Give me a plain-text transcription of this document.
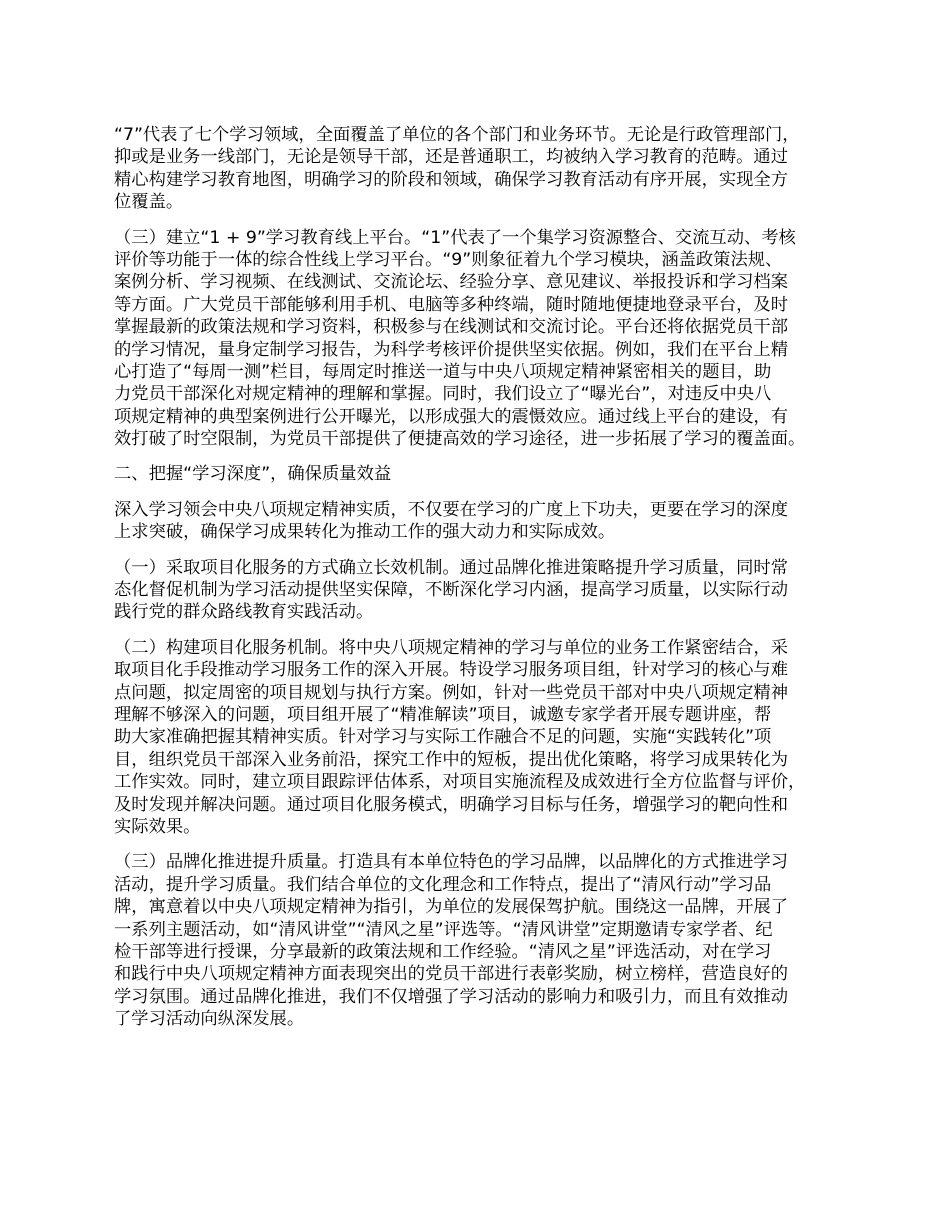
“7”代表了七个学习领域，全面覆盖了单位的各个部门和业务环节。无论是行政管理部门，
抑或是业务一线部门，无论是领导干部，还是普通职工，均被纳入学习教育的范畴。通过
精心构建学习教育地图，明确学习的阶段和领域，确保学习教育活动有序开展，实现全方
位覆盖。
（三）建立“1 + 9”学习教育线上平台。“1”代表了一个集学习资源整合、交流互动、考核
评价等功能于一体的综合性线上学习平台。“9”则象征着九个学习模块，涵盖政策法规、
案例分析、学习视频、在线测试、交流论坛、经验分享、意见建议、举报投诉和学习档案
等方面。广大党员干部能够利用手机、电脑等多种终端，随时随地便捷地登录平台，及时
掌握最新的政策法规和学习资料，积极参与在线测试和交流讨论。平台还将依据党员干部
的学习情况，量身定制学习报告，为科学考核评价提供坚实依据。例如，我们在平台上精
心打造了“每周一测”栏目，每周定时推送一道与中央八项规定精神紧密相关的题目，助
力党员干部深化对规定精神的理解和掌握。同时，我们设立了“曝光台”，对违反中央八
项规定精神的典型案例进行公开曝光，以形成强大的震慑效应。通过线上平台的建设，有
效打破了时空限制，为党员干部提供了便捷高效的学习途径，进一步拓展了学习的覆盖面。
二、把握“学习深度”，确保质量效益
深入学习领会中央八项规定精神实质，不仅要在学习的广度上下功夫，更要在学习的深度
上求突破，确保学习成果转化为推动工作的强大动力和实际成效。
（一）采取项目化服务的方式确立长效机制。通过品牌化推进策略提升学习质量，同时常
态化督促机制为学习活动提供坚实保障，不断深化学习内涵，提高学习质量，以实际行动
践行党的群众路线教育实践活动。
（二）构建项目化服务机制。将中央八项规定精神的学习与单位的业务工作紧密结合，采
取项目化手段推动学习服务工作的深入开展。特设学习服务项目组，针对学习的核心与难
点问题，拟定周密的项目规划与执行方案。例如，针对一些党员干部对中央八项规定精神
理解不够深入的问题，项目组开展了“精准解读”项目，诚邀专家学者开展专题讲座，帮
助大家准确把握其精神实质。针对学习与实际工作融合不足的问题，实施“实践转化”项
目，组织党员干部深入业务前沿，探究工作中的短板，提出优化策略，将学习成果转化为
工作实效。同时，建立项目跟踪评估体系，对项目实施流程及成效进行全方位监督与评价，
及时发现并解决问题。通过项目化服务模式，明确学习目标与任务，增强学习的靶向性和
实际效果。
（三）品牌化推进提升质量。打造具有本单位特色的学习品牌，以品牌化的方式推进学习
活动，提升学习质量。我们结合单位的文化理念和工作特点，提出了“清风行动”学习品
牌，寓意着以中央八项规定精神为指引，为单位的发展保驾护航。围绕这一品牌，开展了
一系列主题活动，如“清风讲堂”“清风之星”评选等。“清风讲堂”定期邀请专家学者、纪
检干部等进行授课，分享最新的政策法规和工作经验。“清风之星”评选活动，对在学习
和践行中央八项规定精神方面表现突出的党员干部进行表彰奖励，树立榜样，营造良好的
学习氛围。通过品牌化推进，我们不仅增强了学习活动的影响力和吸引力，而且有效推动
了学习活动向纵深发展。
